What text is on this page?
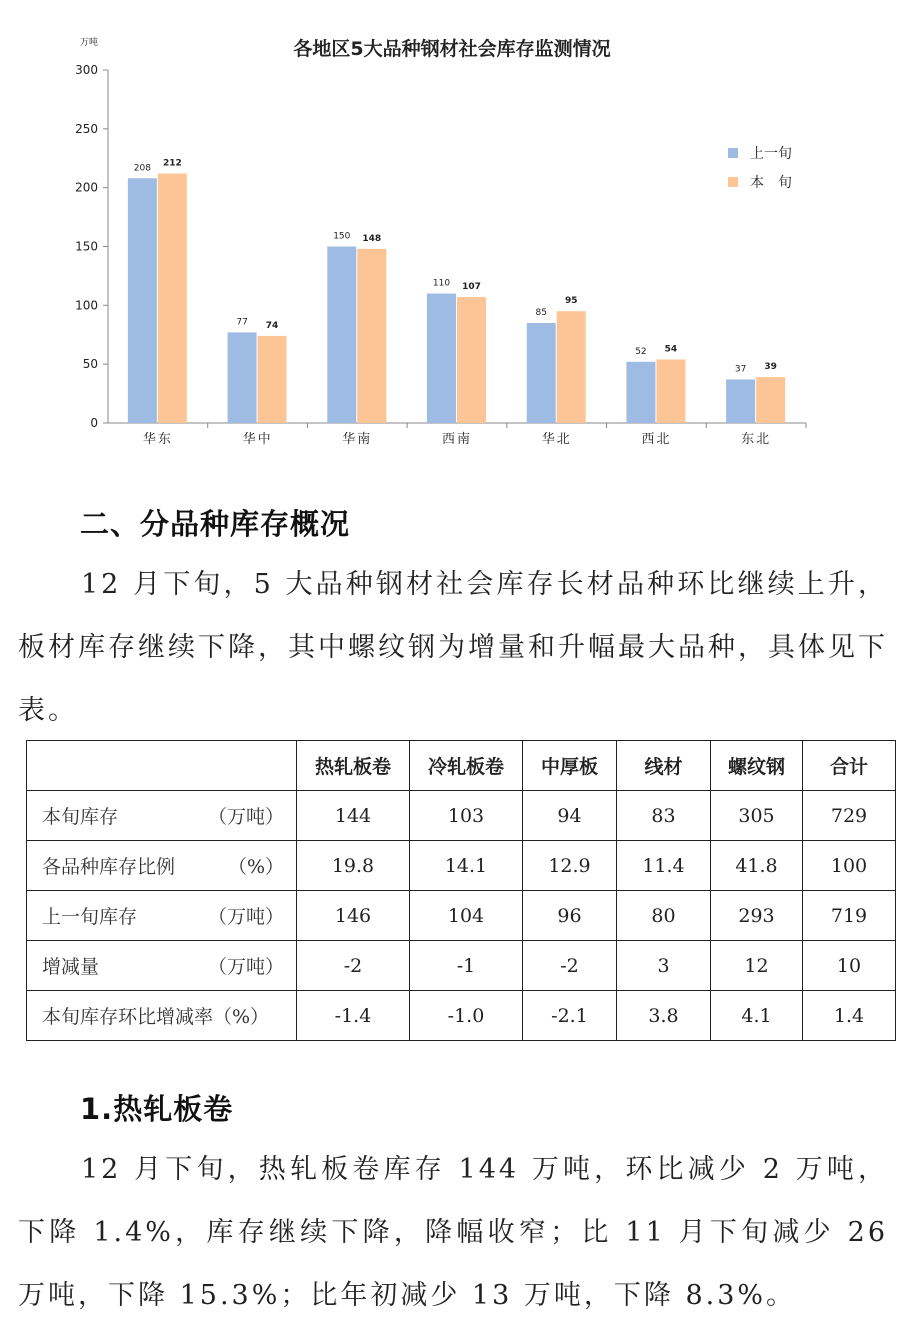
各地区5大品种钢材社会库存监测情况
万吨
0
50
100
150
200
250
300
208 212
77 74
150 148
110 107
85
95
52 54
37 39
华东	华中	华南	西南	华北	西北	东北
上一旬
本　旬
二、分品种库存概况

12 月下旬，5 大品种钢材社会库存长材品种环比继续上升，板材库存继续下降，其中螺纹钢为增量和升幅最大品种，具体见下表。

	热轧板卷	冷轧板卷	中厚板	线材	螺纹钢	合计

本旬库存 （万吨）	144	103	94	83	305	729

各品种库存比例 （%）	19.8	14.1	12.9	11.4	41.8	100

上一旬库存 （万吨）	146	104	96	80	293	719

增减量 （万吨）	-2	-1	-2	3	12	10

本旬库存环比增减率（%）	-1.4	-1.0	-2.1	3.8	4.1	1.4
1.热轧板卷

12 月下旬，热轧板卷库存 144 万吨，环比减少 2 万吨，下降 1.4%，库存继续下降，降幅收窄；比 11 月下旬减少 26 万吨，下降 15.3%；比年初减少 13 万吨，下降 8.3%。
